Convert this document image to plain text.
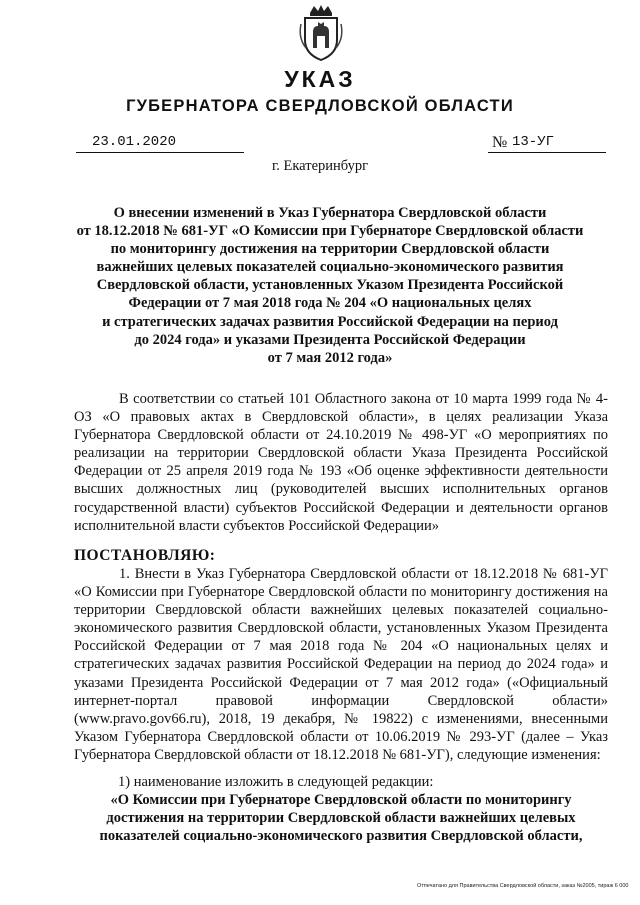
УКАЗ
ГУБЕРНАТОРА СВЕРДЛОВСКОЙ ОБЛАСТИ
23.01.2020	№ 13-УГ
г. Екатеринбург
О внесении изменений в Указ Губернатора Свердловской области
от 18.12.2018 № 681-УГ «О Комиссии при Губернаторе Свердловской области
по мониторингу достижения на территории Свердловской области
важнейших целевых показателей социально-экономического развития
Свердловской области, установленных Указом Президента Российской
Федерации от 7 мая 2018 года № 204 «О национальных целях
и стратегических задачах развития Российской Федерации на период
до 2024 года» и указами Президента Российской Федерации
от 7 мая 2012 года»

В соответствии со статьей 101 Областного закона от 10 марта 1999 года № 4-ОЗ «О правовых актах в Свердловской области», в целях реализации Указа Губернатора Свердловской области от 24.10.2019 № 498-УГ «О мероприятиях по реализации на территории Свердловской области Указа Президента Российской Федерации от 25 апреля 2019 года № 193 «Об оценке эффективности деятельности высших должностных лиц (руководителей высших исполнительных органов государственной власти) субъектов Российской Федерации и деятельности органов исполнительной власти субъектов Российской Федерации»

ПОСТАНОВЛЯЮ:

1. Внести в Указ Губернатора Свердловской области от 18.12.2018 № 681-УГ «О Комиссии при Губернаторе Свердловской области по мониторингу достижения на территории Свердловской области важнейших целевых показателей социально-экономического развития Свердловской области, установленных Указом Президента Российской Федерации от 7 мая 2018 года № 204 «О национальных целях и стратегических задачах развития Российской Федерации на период до 2024 года» и указами Президента Российской Федерации от 7 мая 2012 года» («Официальный интернет-портал правовой информации Свердловской области» (www.pravo.gov66.ru), 2018, 19 декабря, № 19822) с изменениями, внесенными Указом Губернатора Свердловской области от 10.06.2019 № 293-УГ (далее – Указ Губернатора Свердловской области от 18.12.2018 № 681-УГ), следующие изменения:

1) наименование изложить в следующей редакции:
«О Комиссии при Губернаторе Свердловской области по мониторингу достижения на территории Свердловской области важнейших целевых показателей социально-экономического развития Свердловской области,
Отпечатано для Правительства Свердловской области, заказ №2005, тираж 6 000
